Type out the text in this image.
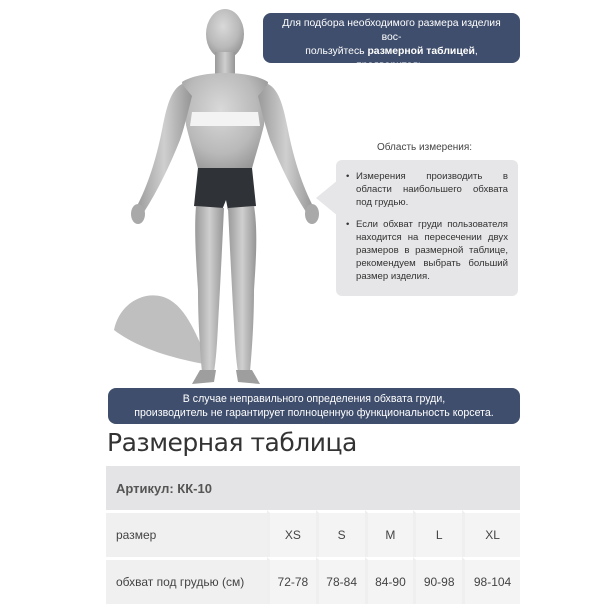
Для подбора необходимого размера изделия вос-
пользуйтесь размерной таблицей, предваритель-
но измерив/ уточнив все необходимые параметры
Область измерения:
• Измерения производить в области наибольшего обхвата под грудью.
• Если обхват груди пользователя находится на пересечении двух размеров в размерной таблице, рекомендуем выбрать больший размер изделия.
В случае неправильного определения обхвата груди,
производитель не гарантирует полноценную функциональность корсета.
Размерная таблица
Артикул: КК-10					
размер	XS	S	M	L	XL
обхват под грудью (см)	72-78	78-84	84-90	90-98	98-104
